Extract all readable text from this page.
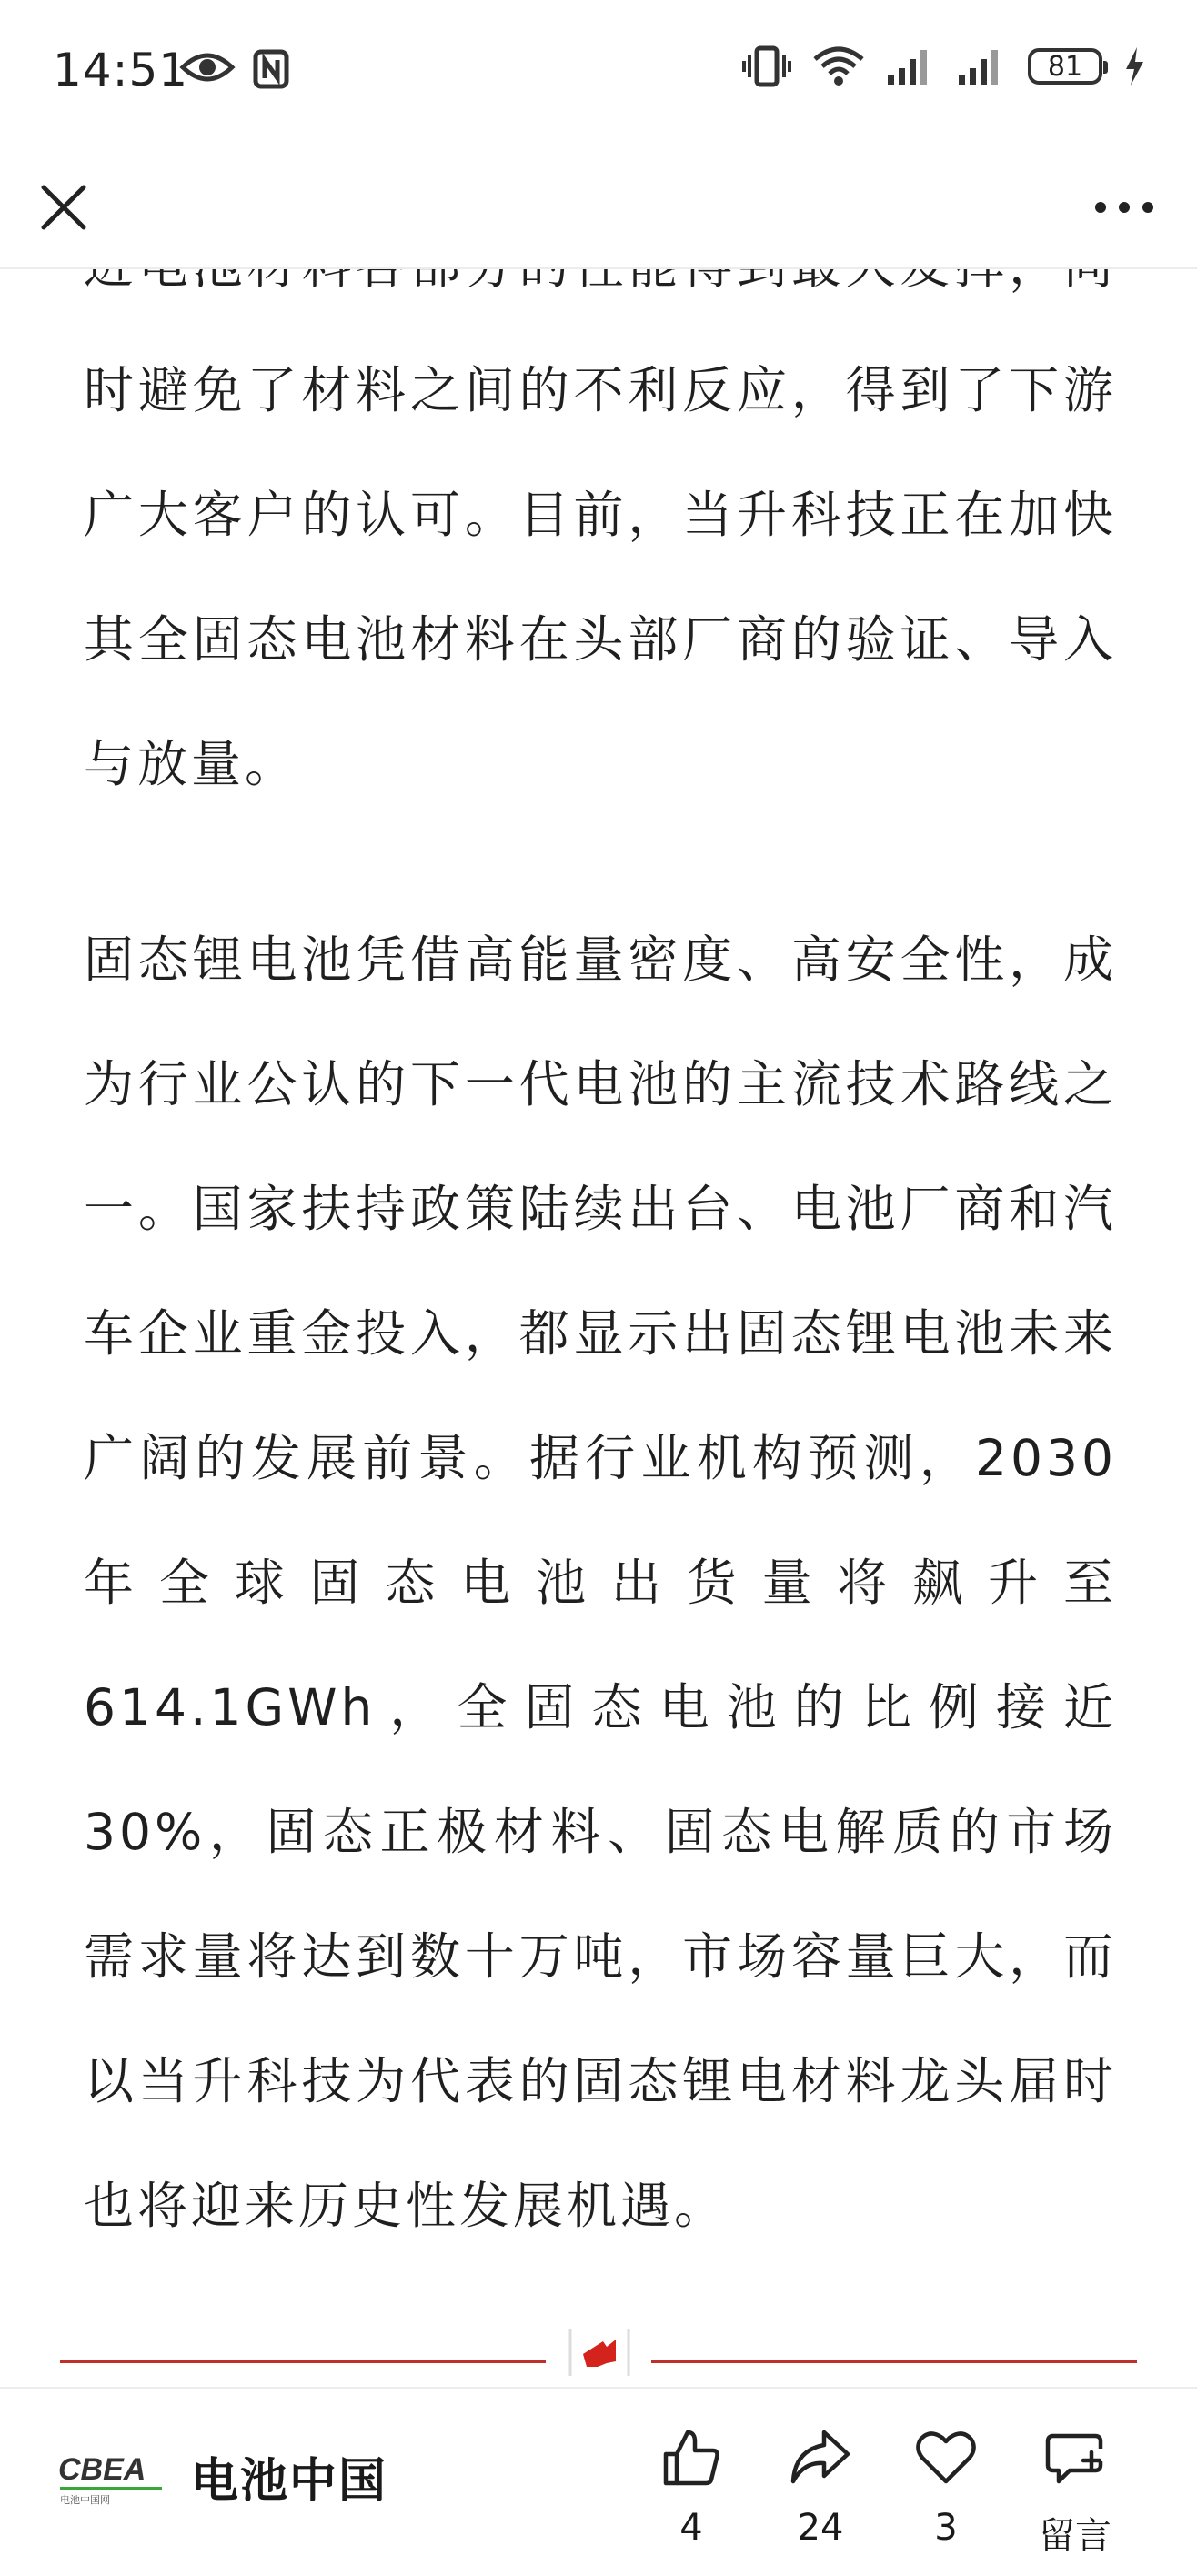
14:51	81

时避免了材料之间的不利反应，得到了下游广大客户的认可。目前，当升科技正在加快其全固态电池材料在头部厂商的验证、导入与放量。

固态锂电池凭借高能量密度、高安全性，成为行业公认的下一代电池的主流技术路线之一。国家扶持政策陆续出台、电池厂商和汽车企业重金投入，都显示出固态锂电池未来广阔的发展前景。据行业机构预测，2030年全球固态电池出货量将飙升至614.1GWh，全固态电池的比例接近30%，固态正极材料、固态电解质的市场需求量将达到数十万吨，市场容量巨大，而以当升科技为代表的固态锂电材料龙头届时也将迎来历史性发展机遇。

CBEA
电池中国网 电池中国
4	24 3 留言
